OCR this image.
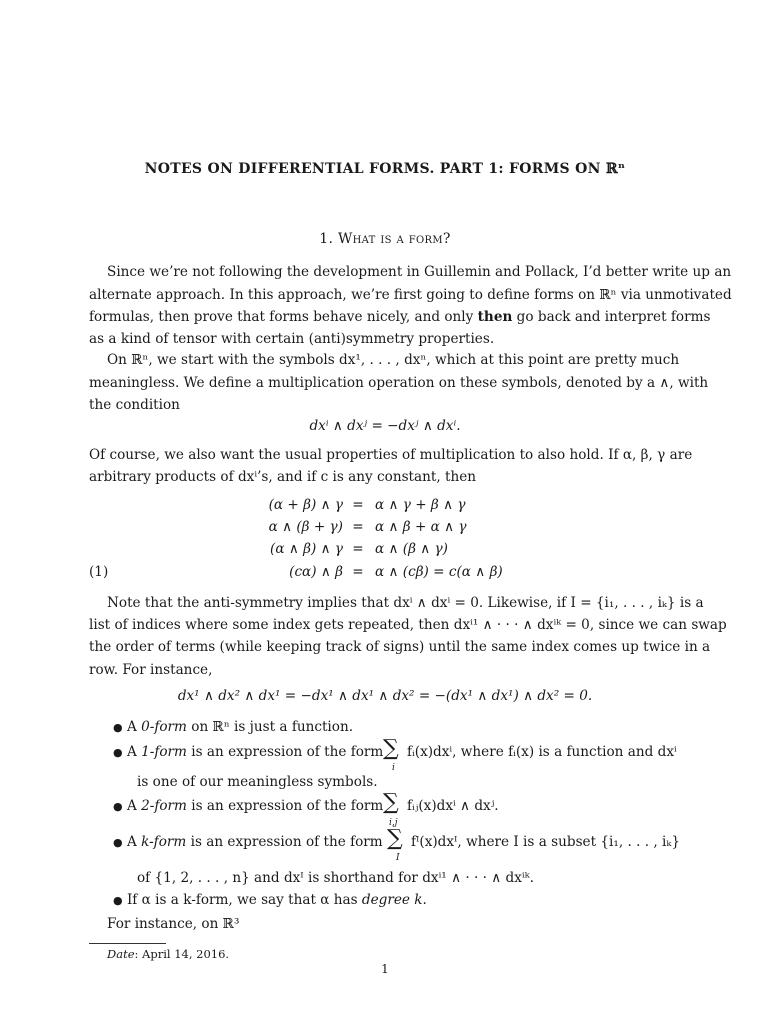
NOTES ON DIFFERENTIAL FORMS. PART 1: FORMS ON ℝⁿ
1. What is a form?
Since we’re not following the development in Guillemin and Pollack, I’d better write up an
alternate approach. In this approach, we’re first going to define forms on ℝⁿ via unmotivated
formulas, then prove that forms behave nicely, and only then go back and interpret forms
as a kind of tensor with certain (anti)symmetry properties.
On ℝⁿ, we start with the symbols dx¹, . . . , dxⁿ, which at this point are pretty much
meaningless. We define a multiplication operation on these symbols, denoted by a ∧, with
the condition
dxⁱ ∧ dxʲ = −dxʲ ∧ dxⁱ.
Of course, we also want the usual properties of multiplication to also hold. If α, β, γ are
arbitrary products of dxⁱ’s, and if c is any constant, then
(α + β) ∧ γ = α ∧ γ + β ∧ γ
α ∧ (β + γ) = α ∧ β + α ∧ γ
(α ∧ β) ∧ γ = α ∧ (β ∧ γ)
(1)	(cα) ∧ β = α ∧ (cβ) = c(α ∧ β)
Note that the anti-symmetry implies that dxⁱ ∧ dxⁱ = 0. Likewise, if I = {i₁, . . . , iₖ} is a
list of indices where some index gets repeated, then dxⁱ¹ ∧ · · · ∧ dxⁱᵏ = 0, since we can swap
the order of terms (while keeping track of signs) until the same index comes up twice in a
row. For instance,
dx¹ ∧ dx² ∧ dx¹ = −dx¹ ∧ dx¹ ∧ dx² = −(dx¹ ∧ dx¹) ∧ dx² = 0.
● A 0-form on ℝⁿ is just a function.
● A 1-form is an expression of the form ∑
i
fᵢ(x)dxⁱ, where fᵢ(x) is a function and dxⁱ
is one of our meaningless symbols.
● A 2-form is an expression of the form ∑
i,j
fᵢⱼ(x)dxⁱ ∧ dxʲ.
● A k-form is an expression of the form ∑
I
fᴵ(x)dxᴵ, where I is a subset {i₁, . . . , iₖ}
of {1, 2, . . . , n} and dxᴵ is shorthand for dxⁱ¹ ∧ · · · ∧ dxⁱᵏ.
● If α is a k-form, we say that α has degree k.
For instance, on ℝ³
Date: April 14, 2016.
1
